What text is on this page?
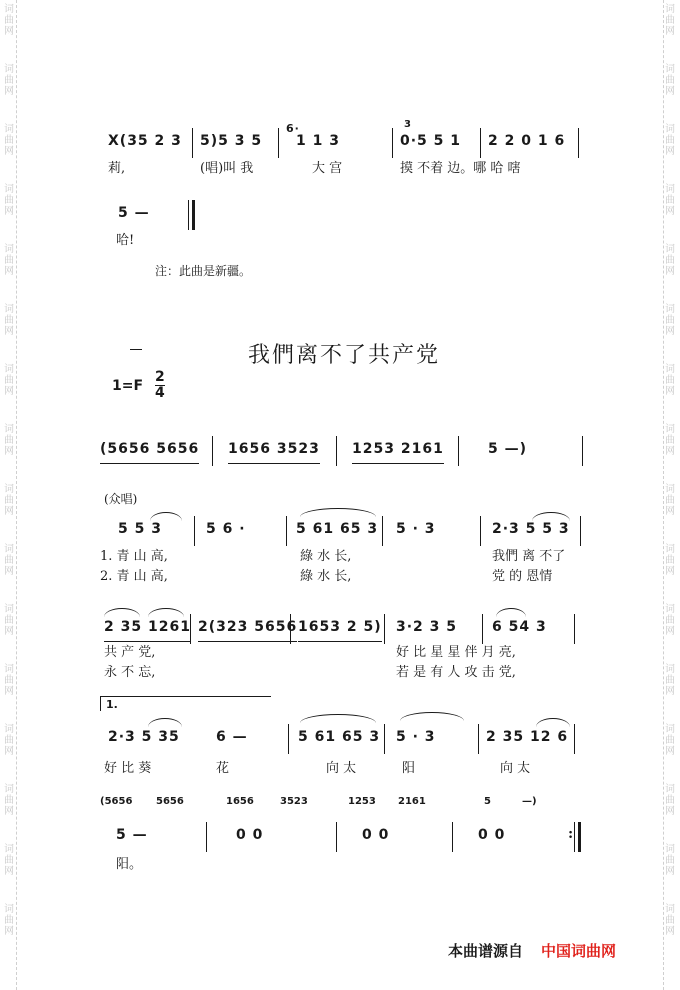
词
曲
网
词
曲
网
词
曲
网
词
曲
网
词
曲
网
词
曲
网
词
曲
网
词
曲
网
词
曲
网
词
曲
网
词
曲
网
词
曲
网
词
曲
网
词
曲
网
词
曲
网
词
曲
网
词
曲
网
词
曲
网
词
曲
网
词
曲
网
词
曲
网
词
曲
网
词
曲
网
词
曲
网
词
曲
网
词
曲
网
词
曲
网
词
曲
网
词
曲
网
词
曲
网
词
曲
网
词
曲
网
X(35 2 3 5)5 3 5
6·
1 1 3
3
0·5 5 1 2 2 0 1 6
莉,	(唱)叫 我	大 宫	摸 不着 边。哪 哈 嗐
5 —
哈!
注：此曲是新疆。
我們离不了共产党
1=F
2
4
(5656 5656 1656 3523 1253 2161	5 —)
(众唱)
5 5 3	5 6 ·	5 61 65 3 5 · 3	2·3 5 5 3
1. 青 山 高,	綠 水 长,	我們 离 不了
2. 青 山 高,	綠 水 长,	党 的 恩情
2 35 1261 2(323 5656 1653 2 5) 3·2 3 5 6 54 3
共 产 党,	好 比 星 星 伴 月 亮,
永 不 忘,	若 是 有 人 攻 击 党,
1.
2·3 5 35	6 —	5 61 65 3 5 · 3	2 35 12 6
好 比 葵	花	向 太	阳	向 太
(5656 5656	1656	3523	1253 2161	5	—)
5 —	0 0	0 0	0 0	:
阳。
本曲谱源自 中国词曲网
